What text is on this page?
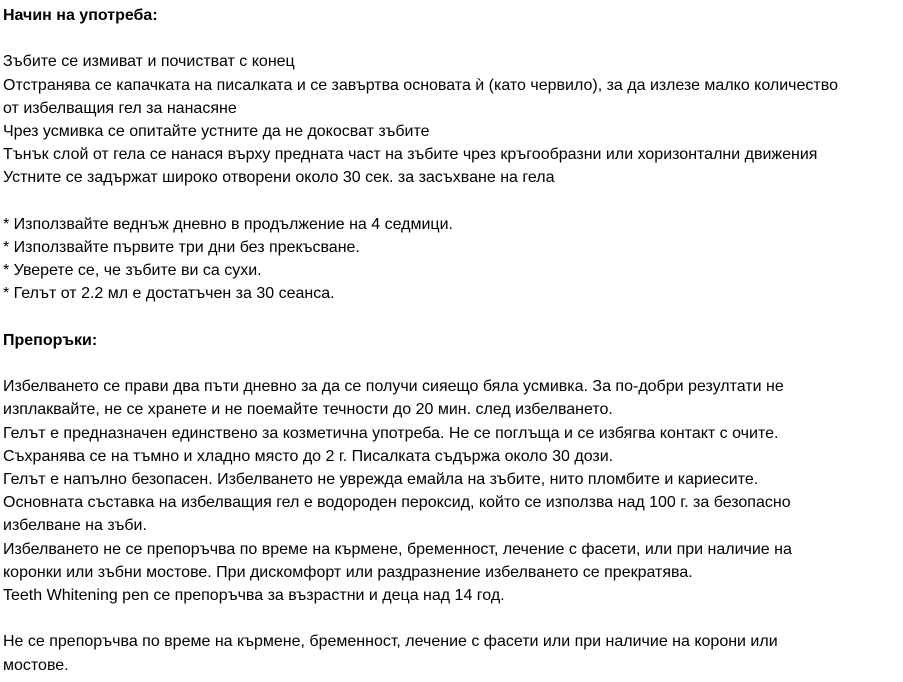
Начин на употреба:
Зъбите се измиват и почистват с конец
Отстранява се капачката на писалката и се завъртва основата ѝ (като червило), за да излезе малко количество
от избелващия гел за нанасяне
Чрез усмивка се опитайте устните да не докосват зъбите
Тънък слой от гела се нанася върху предната част на зъбите чрез кръгообразни или хоризонтални движения
Устните се задържат широко отворени около 30 сек. за засъхване на гела
* Използвайте веднъж дневно в продължение на 4 седмици.
* Използвайте първите три дни без прекъсване.
* Уверете се, че зъбите ви са сухи.
* Гелът от 2.2 мл е достатъчен за 30 сеанса.
Препоръки:
Избелването се прави два пъти дневно за да се получи сияещо бяла усмивка. За по-добри резултати не
изплаквайте, не се хранете и не поемайте течности до 20 мин. след избелването.
Гелът е предназначен единствено за козметична употреба. Не се поглъща и се избягва контакт с очите.
Съхранява се на тъмно и хладно място до 2 г. Писалката съдържа около 30 дози.
Гелът е напълно безопасен. Избелването не уврежда емайла на зъбите, нито пломбите и кариесите.
Основната съставка на избелващия гел е водороден пероксид, който се използва над 100 г. за безопасно
избелване на зъби.
Избелването не се препоръчва по време на кърмене, бременност, лечение с фасети, или при наличие на
коронки или зъбни мостове. При дискомфорт или раздразнение избелването се прекратява.
Teeth Whitening pen се препоръчва за възрастни и деца над 14 год.
Не се препоръчва по време на кърмене, бременност, лечение с фасети или при наличие на корони или
мостове.
